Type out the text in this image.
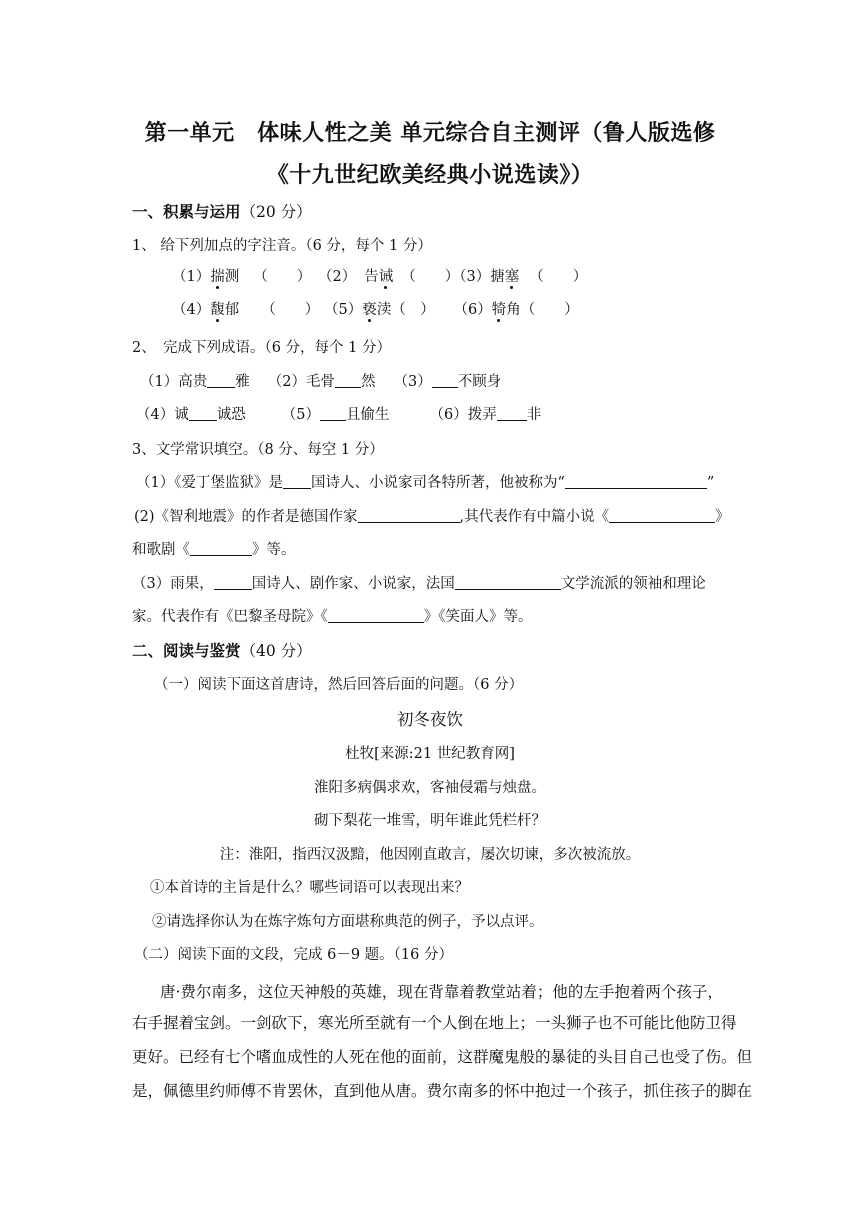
第一单元　体味人性之美 单元综合自主测评（鲁人版选修
《十九世纪欧美经典小说选读》）
一、积累与运用（20 分）
1、 给下列加点的字注音。（6 分，每个 1 分）
（1）揣测 （　　） （2） 告诫 （　　）（3）搪塞 （　　）
（4）馥郁 （　　） （5）亵渎（　） （6）犄角（　　）
2、　完成下列成语。（6 分，每个 1 分）
（1）高贵 雅 （2）毛骨 然 （3） 不顾身
（4）诚 诚恐 （5） 且偷生	（6）拨弄 非
3、文学常识填空。（8 分、每空 1 分）
（1）《爱丁堡监狱》是 国诗人、小说家司各特所著，他被称为“	”
(2)《智利地震》的作者是德国作家	,其代表作有中篇小说《	》
和歌剧《	》等。
（3）雨果，	国诗人、剧作家、小说家，法国	文学流派的领袖和理论
家。代表作有《巴黎圣母院》《	》《笑面人》等。
二、阅读与鉴赏（40 分）
（一）阅读下面这首唐诗，然后回答后面的问题。（6 分）
初冬夜饮
杜牧[来源:21 世纪教育网]
淮阳多病偶求欢，客袖侵霜与烛盘。
砌下梨花一堆雪，明年谁此凭栏杆？
注：淮阳，指西汉汲黯，他因刚直敢言，屡次切谏，多次被流放。
①本首诗的主旨是什么？哪些词语可以表现出来？
②请选择你认为在炼字炼句方面堪称典范的例子，予以点评。
（二）阅读下面的文段，完成 6－9 题。（16 分）
唐·费尔南多，这位天神般的英雄，现在背靠着教堂站着；他的左手抱着两个孩子，
右手握着宝剑。一剑砍下，寒光所至就有一个人倒在地上；一头狮子也不可能比他防卫得
更好。已经有七个嗜血成性的人死在他的面前，这群魔鬼般的暴徒的头目自己也受了伤。但
是，佩德里约师傅不肯罢休，直到他从唐。费尔南多的怀中抱过一个孩子，抓住孩子的脚在
